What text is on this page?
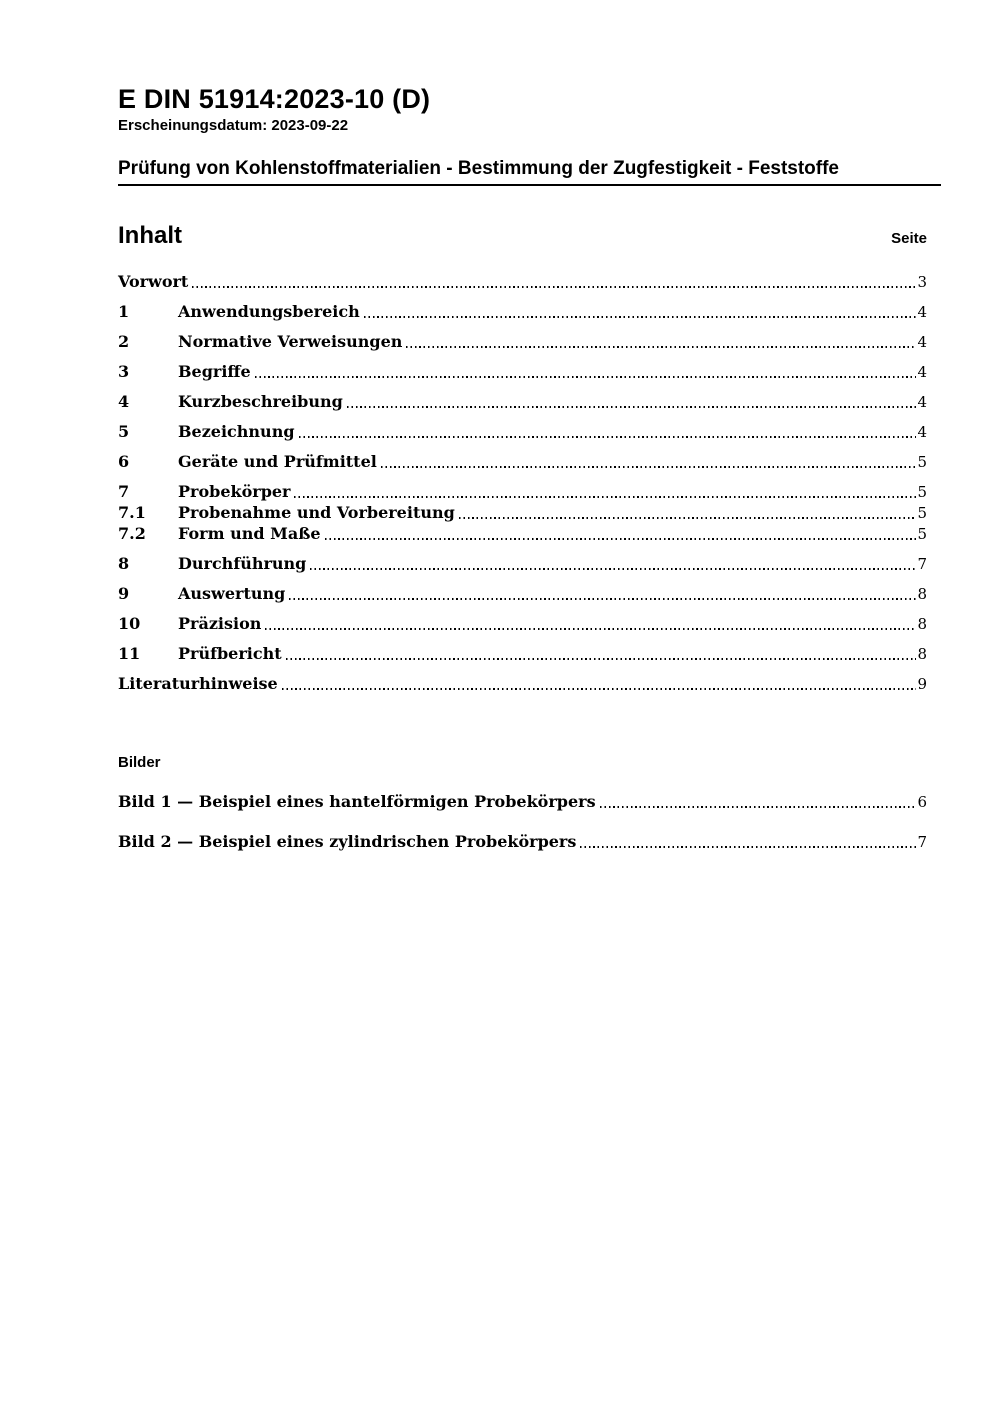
E DIN 51914:2023-10 (D)
Erscheinungsdatum: 2023-09-22
Prüfung von Kohlenstoffmaterialien - Bestimmung der Zugfestigkeit - Feststoffe
Inhalt	Seite
Vorwort	3
1	Anwendungsbereich	4
2	Normative Verweisungen	4
3	Begriffe	4
4	Kurzbeschreibung	4
5	Bezeichnung	4
6	Geräte und Prüfmittel	5
7	Probekörper	5
7.1	Probenahme und Vorbereitung	5
7.2	Form und Maße	5
8	Durchführung	7
9	Auswertung	8
10	Präzision	8
11	Prüfbericht	8
Literaturhinweise	9
Bilder
Bild 1 — Beispiel eines hantelförmigen Probekörpers	6
Bild 2 — Beispiel eines zylindrischen Probekörpers	7
